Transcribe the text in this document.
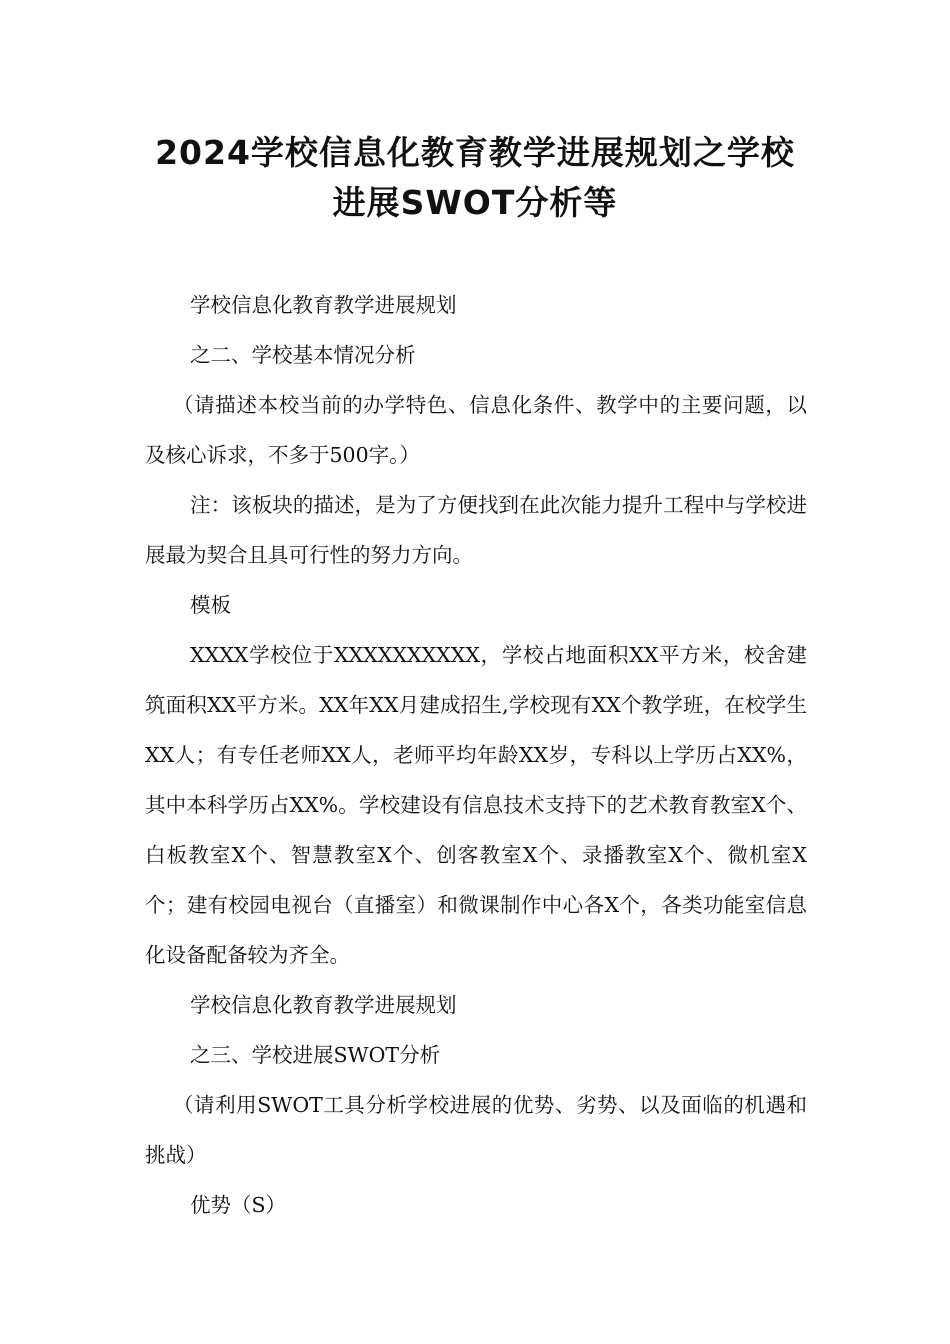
2024学校信息化教育教学进展规划之学校进展SWOT分析等

学校信息化教育教学进展规划

之二、学校基本情况分析

（请描述本校当前的办学特色、信息化条件、教学中的主要问题，以及核心诉求，不多于500字。）

注：该板块的描述，是为了方便找到在此次能力提升工程中与学校进展最为契合且具可行性的努力方向。

模板

XXXX学校位于XXXXXXXXXX，学校占地面积XX平方米，校舍建筑面积XX平方米。XX年XX月建成招生,学校现有XX个教学班，在校学生XX人；有专任老师XX人，老师平均年龄XX岁，专科以上学历占XX%，其中本科学历占XX%。学校建设有信息技术支持下的艺术教育教室X个、白板教室X个、智慧教室X个、创客教室X个、录播教室X个、微机室X个；建有校园电视台（直播室）和微课制作中心各X个，各类功能室信息化设备配备较为齐全。

学校信息化教育教学进展规划

之三、学校进展SWOT分析

（请利用SWOT工具分析学校进展的优势、劣势、以及面临的机遇和挑战）

优势（S）
